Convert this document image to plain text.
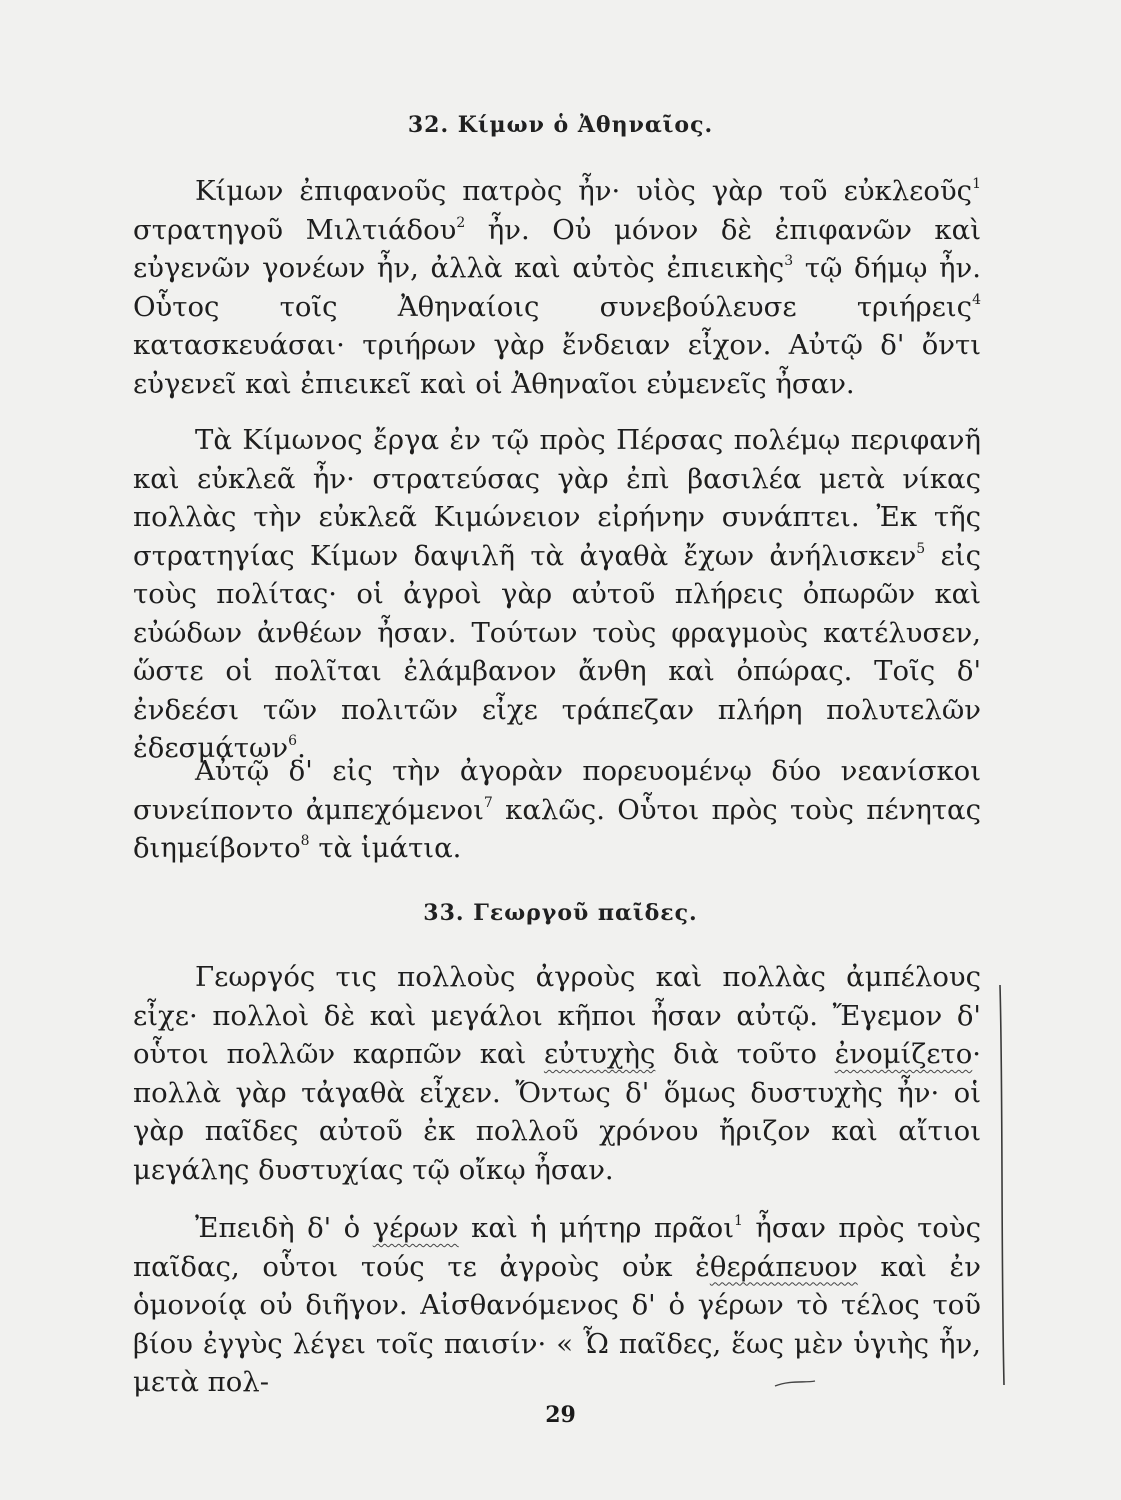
32. Κίμων ὁ Ἀθηναῖος.

Κίμων ἐπιφανοῦς πατρὸς ἦν· υἱὸς γὰρ τοῦ εὐκλεοῦς$^1$ στρατηγοῦ Μιλτιάδου$^2$ ἦν. Οὐ μόνον δὲ ἐπιφανῶν καὶ εὐγενῶν γονέων ἦν, ἀλλὰ καὶ αὐτὸς ἐπιεικὴς$^3$ τῷ δήμῳ ἦν. Οὗτος τοῖς Ἀθηναίοις συνεβούλευσε τριήρεις$^4$ κατασκευάσαι· τριήρων γὰρ ἔνδειαν εἶχον. Αὐτῷ δ' ὄντι εὐγενεῖ καὶ ἐπιεικεῖ καὶ οἱ Ἀθηναῖοι εὐμενεῖς ἦσαν.

Τὰ Κίμωνος ἔργα ἐν τῷ πρὸς Πέρσας πολέμῳ περιφανῆ καὶ εὐκλεᾶ ἦν· στρατεύσας γὰρ ἐπὶ βασιλέα μετὰ νίκας πολλὰς τὴν εὐκλεᾶ Κιμώνειον εἰρήνην συνάπτει. Ἐκ τῆς στρατηγίας Κίμων δαψιλῆ τὰ ἀγαθὰ ἔχων ἀνήλισκεν$^5$ εἰς τοὺς πολίτας· οἱ ἀγροὶ γὰρ αὐτοῦ πλήρεις ὀπωρῶν καὶ εὐώδων ἀνθέων ἦσαν. Τούτων τοὺς φραγμοὺς κατέλυσεν, ὥστε οἱ πολῖται ἐλάμβανον ἄνθη καὶ ὀπώρας. Τοῖς δ' ἐνδεέσι τῶν πολιτῶν εἶχε τράπεζαν πλήρη πολυτελῶν ἐδεσμάτων$^6$.

Αὐτῷ δ' εἰς τὴν ἀγορὰν πορευομένῳ δύο νεανίσκοι συνείποντο ἀμπεχόμενοι$^7$ καλῶς. Οὗτοι πρὸς τοὺς πένητας διημείβοντο$^8$ τὰ ἱμάτια.

33. Γεωργοῦ παῖδες.

Γεωργός τις πολλοὺς ἀγροὺς καὶ πολλὰς ἀμπέλους εἶχε· πολλοὶ δὲ καὶ μεγάλοι κῆποι ἦσαν αὐτῷ. Ἔγεμον δ' οὗτοι πολλῶν καρπῶν καὶ εὐτυχὴς διὰ τοῦτο ἐνομίζετο· πολλὰ γὰρ τἀγαθὰ εἶχεν. Ὄντως δ' ὅμως δυστυχὴς ἦν· οἱ γὰρ παῖδες αὐτοῦ ἐκ πολλοῦ χρόνου ἤριζον καὶ αἴτιοι μεγάλης δυστυχίας τῷ οἴκῳ ἦσαν.

Ἐπειδὴ δ' ὁ γέρων καὶ ἡ μήτηρ πρᾶοι$^1$ ἦσαν πρὸς τοὺς παῖδας, οὗτοι τούς τε ἀγροὺς οὐκ ἐθεράπευον καὶ ἐν ὁμονοίᾳ οὐ διῆγον. Αἰσθανόμενος δ' ὁ γέρων τὸ τέλος τοῦ βίου ἐγγὺς λέγει τοῖς παισίν· « Ὦ παῖδες, ἕως μὲν ὑγιὴς ἦν, μετὰ πολ-

29
